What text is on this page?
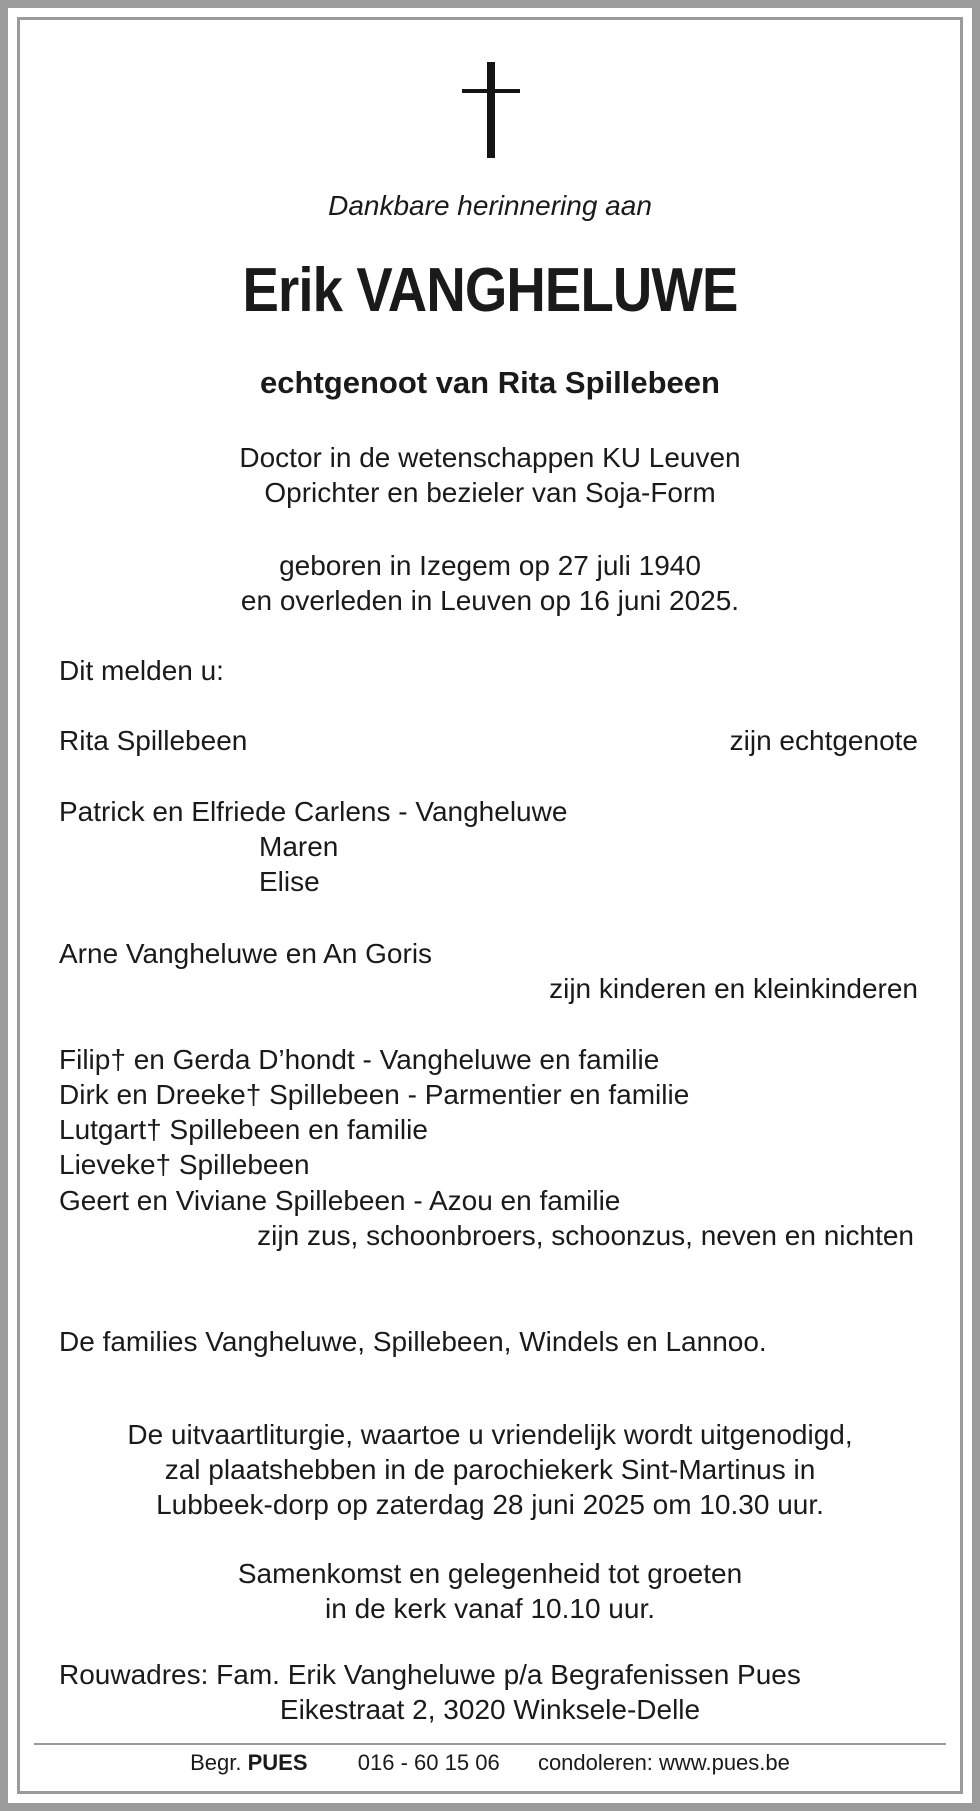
Dankbare herinnering aan
Erik VANGHELUWE
echtgenoot van Rita Spillebeen
Doctor in de wetenschappen KU Leuven
Oprichter en bezieler van Soja-Form
geboren in Izegem op 27 juli 1940
en overleden in Leuven op 16 juni 2025.
Dit melden u:
Rita Spillebeen	zijn echtgenote
Patrick en Elfriede Carlens - Vangheluwe
Maren
Elise
Arne Vangheluwe en An Goris
zijn kinderen en kleinkinderen
Filip† en Gerda D’hondt - Vangheluwe en familie
Dirk en Dreeke† Spillebeen - Parmentier en familie
Lutgart† Spillebeen en familie
Lieveke† Spillebeen
Geert en Viviane Spillebeen - Azou en familie
zijn zus, schoonbroers, schoonzus, neven en nichten
De families Vangheluwe, Spillebeen, Windels en Lannoo.
De uitvaartliturgie, waartoe u vriendelijk wordt uitgenodigd,
zal plaatshebben in de parochiekerk Sint-Martinus in
Lubbeek-dorp op zaterdag 28 juni 2025 om 10.30 uur.
Samenkomst en gelegenheid tot groeten
in de kerk vanaf 10.10 uur.
Rouwadres: Fam. Erik Vangheluwe p/a Begrafenissen Pues
Eikestraat 2, 3020 Winksele-Delle
Begr. PUES 016 - 60 15 06 condoleren: www.pues.be
